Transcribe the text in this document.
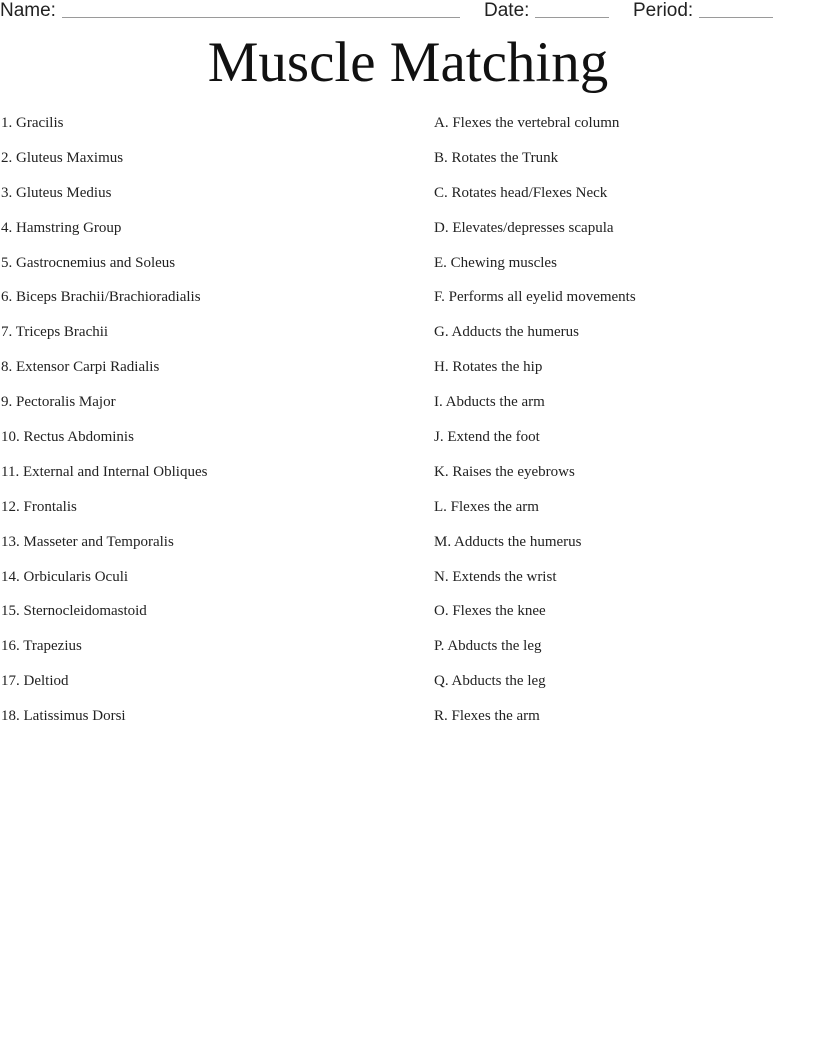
Name:	Date:	Period:
Muscle Matching
1. Gracilis
2. Gluteus Maximus
3. Gluteus Medius
4. Hamstring Group
5. Gastrocnemius and Soleus
6. Biceps Brachii/Brachioradialis
7. Triceps Brachii
8. Extensor Carpi Radialis
9. Pectoralis Major
10. Rectus Abdominis
11. External and Internal Obliques
12. Frontalis
13. Masseter and Temporalis
14. Orbicularis Oculi
15. Sternocleidomastoid
16. Trapezius
17. Deltiod
18. Latissimus Dorsi
A. Flexes the vertebral column
B. Rotates the Trunk
C. Rotates head/Flexes Neck
D. Elevates/depresses scapula
E. Chewing muscles
F. Performs all eyelid movements
G. Adducts the humerus
H. Rotates the hip
I. Abducts the arm
J. Extend the foot
K. Raises the eyebrows
L. Flexes the arm
M. Adducts the humerus
N. Extends the wrist
O. Flexes the knee
P. Abducts the leg
Q. Abducts the leg
R. Flexes the arm
